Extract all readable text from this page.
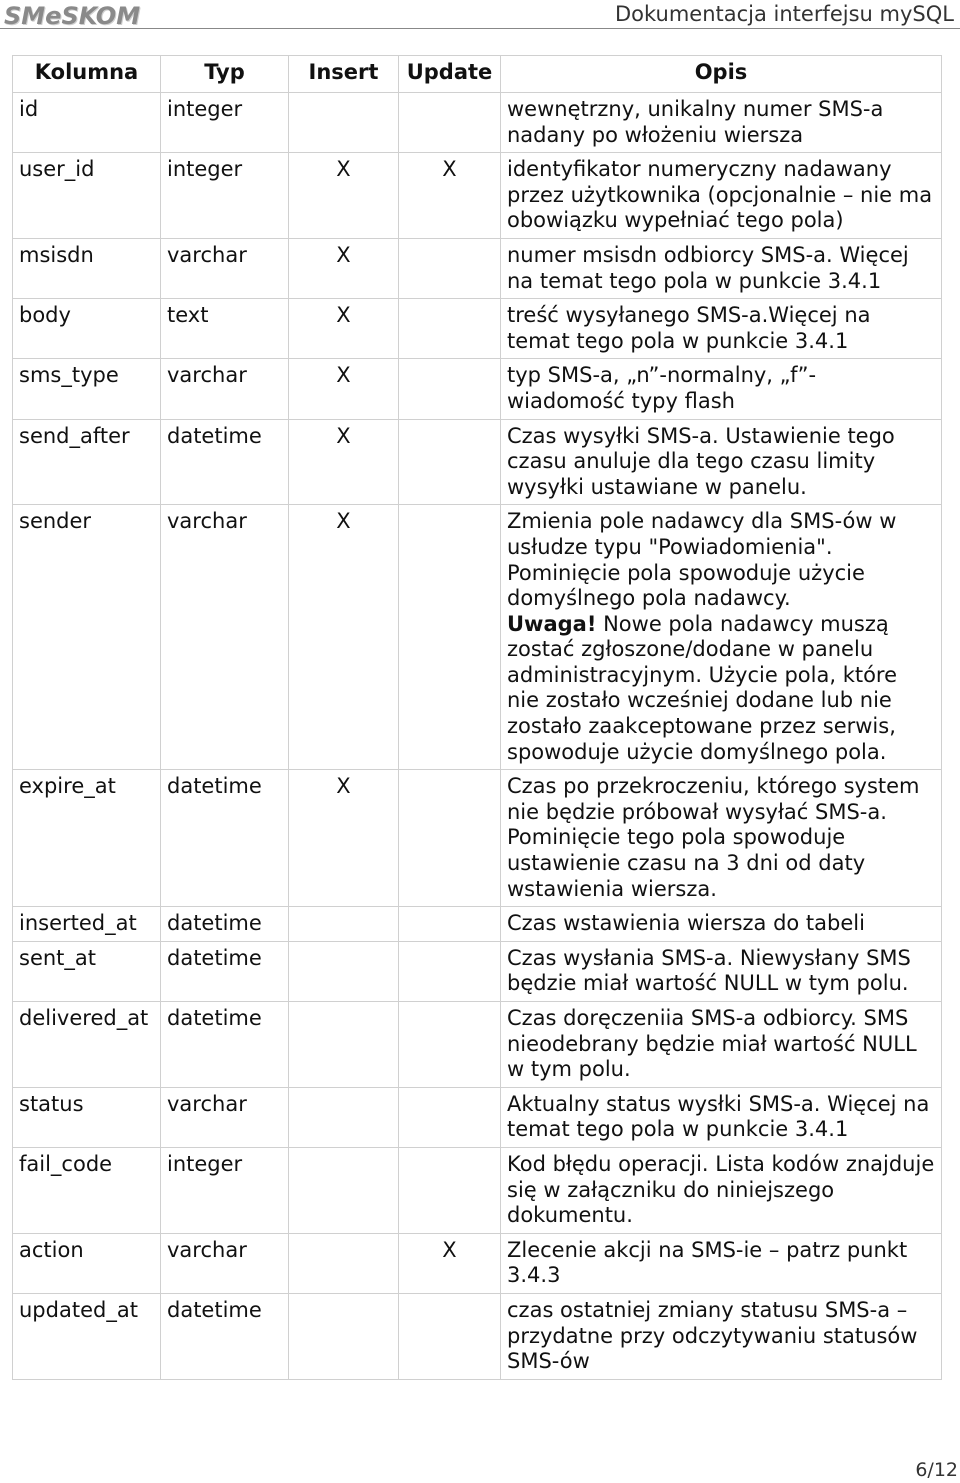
SMeSKOM	Dokumentacja interfejsu mySQL
Kolumna	Typ	Insert	Update	Opis
id	integer			wewnętrzny, unikalny numer SMS-a nadany po włożeniu wiersza
user_id	integer	X	X	identyfikator numeryczny nadawany przez użytkownika (opcjonalnie – nie ma obowiązku wypełniać tego pola)
msisdn	varchar	X		numer msisdn odbiorcy SMS-a. Więcej na temat tego pola w punkcie 3.4.1
body	text	X		treść wysyłanego SMS-a.Więcej na temat tego pola w punkcie 3.4.1
sms_type	varchar	X		typ SMS-a, „n”-normalny, „f”- wiadomość typy flash
send_after	datetime	X		Czas wysyłki SMS-a. Ustawienie tego czasu anuluje dla tego czasu limity wysyłki ustawiane w panelu.
sender	varchar	X		Zmienia pole nadawcy dla SMS-ów w usłudze typu "Powiadomienia". Pominięcie pola spowoduje użycie domyślnego pola nadawcy.
Uwaga! Nowe pola nadawcy muszą zostać zgłoszone/dodane w panelu administracyjnym. Użycie pola, które nie zostało wcześniej dodane lub nie zostało zaakceptowane przez serwis, spowoduje użycie domyślnego pola.
expire_at	datetime	X		Czas po przekroczeniu, którego system nie będzie próbował wysyłać SMS-a. Pominięcie tego pola spowoduje ustawienie czasu na 3 dni od daty wstawienia wiersza.
inserted_at	datetime			Czas wstawienia wiersza do tabeli
sent_at	datetime			Czas wysłania SMS-a. Niewysłany SMS będzie miał wartość NULL w tym polu.
delivered_at	datetime			Czas doręczeniia SMS-a odbiorcy. SMS nieodebrany będzie miał wartość NULL w tym polu.
status	varchar			Aktualny status wysłki SMS-a. Więcej na temat tego pola w punkcie 3.4.1
fail_code	integer			Kod błędu operacji. Lista kodów znajduje się w załączniku do niniejszego dokumentu.
action	varchar		X	Zlecenie akcji na SMS-ie – patrz punkt 3.4.3
updated_at	datetime			czas ostatniej zmiany statusu SMS-a – przydatne przy odczytywaniu statusów SMS-ów
6/12
